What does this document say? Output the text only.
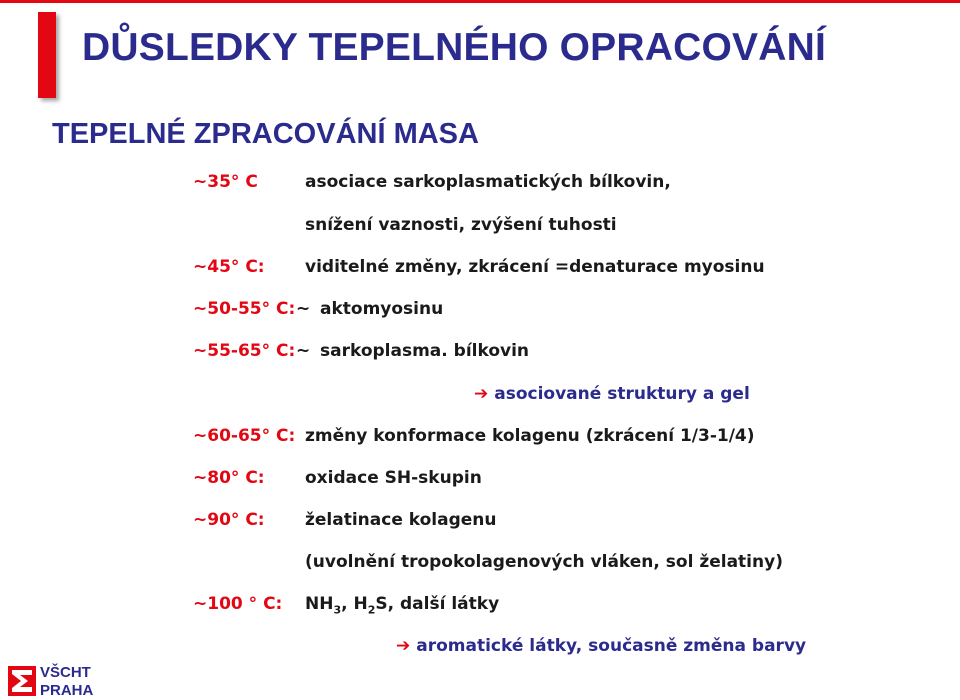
DŮSLEDKY TEPELNÉHO OPRACOVÁNÍ
TEPELNÉ ZPRACOVÁNÍ MASA
~35° C	asociace sarkoplasmatických bílkovin,
snížení vaznosti, zvýšení tuhosti
~45° C: viditelné změny, zkrácení =denaturace myosinu
~50-55° C: ~ aktomyosinu
~55-65° C: ~ sarkoplasma. bílkovin
➔ asociované struktury a gel
~60-65° C: změny konformace kolagenu (zkrácení 1/3-1/4)
~80° C: oxidace SH-skupin
~90° C: želatinace kolagenu
(uvolnění tropokolagenových vláken, sol želatiny)
~100 ° C: $NH_3$, $H_2S$, další látky
➔ aromatické látky, současně změna barvy
VŠCHT
PRAHA
